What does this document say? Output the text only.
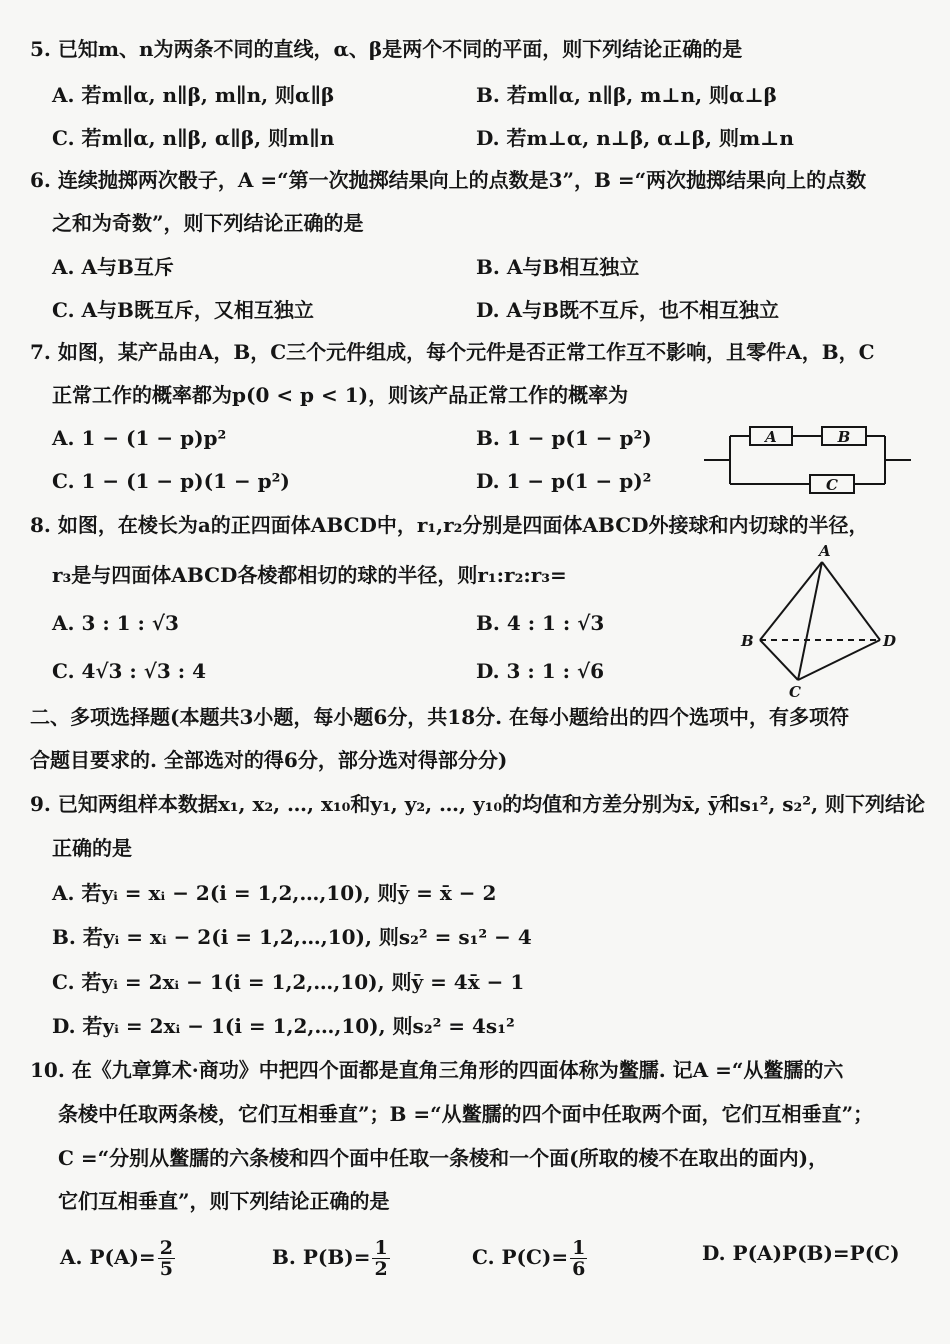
5. 已知m、n为两条不同的直线，α、β是两个不同的平面，则下列结论正确的是
A. 若m∥α, n∥β, m∥n, 则α∥β	B. 若m∥α, n∥β, m⊥n, 则α⊥β
C. 若m∥α, n∥β, α∥β, 则m∥n	D. 若m⊥α, n⊥β, α⊥β, 则m⊥n
6. 连续抛掷两次骰子，A =“第一次抛掷结果向上的点数是3”，B =“两次抛掷结果向上的点数
之和为奇数”，则下列结论正确的是
A. A与B互斥	B. A与B相互独立
C. A与B既互斥，又相互独立	D. A与B既不互斥，也不相互独立
7. 如图，某产品由A，B，C三个元件组成，每个元件是否正常工作互不影响，且零件A，B，C
正常工作的概率都为p(0 < p < 1)，则该产品正常工作的概率为
A. 1 − (1 − p)p²	B. 1 − p(1 − p²)
C. 1 − (1 − p)(1 − p²)	D. 1 − p(1 − p)²
A	B
C
8. 如图，在棱长为a的正四面体ABCD中，r₁,r₂分别是四面体ABCD外接球和内切球的半径，
r₃是与四面体ABCD各棱都相切的球的半径，则r₁:r₂:r₃=
A. 3 : 1 : √3	B. 4 : 1 : √3
C. 4√3 : √3 : 4	D. 3 : 1 : √6
A
B
C
D
二、多项选择题(本题共3小题，每小题6分，共18分. 在每小题给出的四个选项中，有多项符
合题目要求的. 全部选对的得6分，部分选对得部分分)
9. 已知两组样本数据x₁, x₂, …, x₁₀和y₁, y₂, …, y₁₀的均值和方差分别为x̄, ȳ和s₁², s₂², 则下列结论
正确的是
A. 若yᵢ = xᵢ − 2(i = 1,2,…,10), 则ȳ = x̄ − 2
B. 若yᵢ = xᵢ − 2(i = 1,2,…,10), 则s₂² = s₁² − 4
C. 若yᵢ = 2xᵢ − 1(i = 1,2,…,10), 则ȳ = 4x̄ − 1
D. 若yᵢ = 2xᵢ − 1(i = 1,2,…,10), 则s₂² = 4s₁²
10. 在《九章算术·商功》中把四个面都是直角三角形的四面体称为鳖臑. 记A =“从鳖臑的六
条棱中任取两条棱，它们互相垂直”；B =“从鳖臑的四个面中任取两个面，它们互相垂直”；
C =“分别从鳖臑的六条棱和四个面中任取一条棱和一个面(所取的棱不在取出的面内)，
它们互相垂直”，则下列结论正确的是
A. $P(A)= \frac{2}{5}$	B. $P(B)= \frac{1}{2}$	C. $P(C)= \frac{1}{6}$	D. P(A)P(B)=P(C)
